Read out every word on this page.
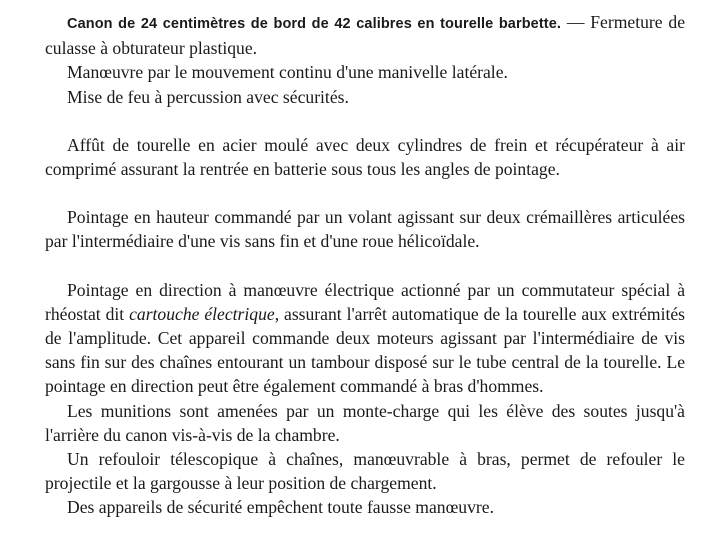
Canon de 24 centimètres de bord de 42 calibres en tourelle barbette. — Fermeture de culasse à obturateur plastique.

Manœuvre par le mouvement continu d'une manivelle latérale.

Mise de feu à percussion avec sécurités.

Affût de tourelle en acier moulé avec deux cylindres de frein et récupérateur à air comprimé assurant la rentrée en batterie sous tous les angles de pointage.

Pointage en hauteur commandé par un volant agissant sur deux crémaillères articulées par l'intermédiaire d'une vis sans fin et d'une roue hélicoïdale.

Pointage en direction à manœuvre électrique actionné par un commutateur spécial à rhéostat dit cartouche électrique, assurant l'arrêt automatique de la tourelle aux extrémités de l'amplitude. Cet appareil commande deux moteurs agissant par l'intermédiaire de vis sans fin sur des chaînes entourant un tambour disposé sur le tube central de la tourelle. Le pointage en direction peut être également commandé à bras d'hommes.

Les munitions sont amenées par un monte-charge qui les élève des soutes jusqu'à l'arrière du canon vis-à-vis de la chambre.

Un refouloir télescopique à chaînes, manœuvrable à bras, permet de refouler le projectile et la gargousse à leur position de chargement.

Des appareils de sécurité empêchent toute fausse manœuvre.
